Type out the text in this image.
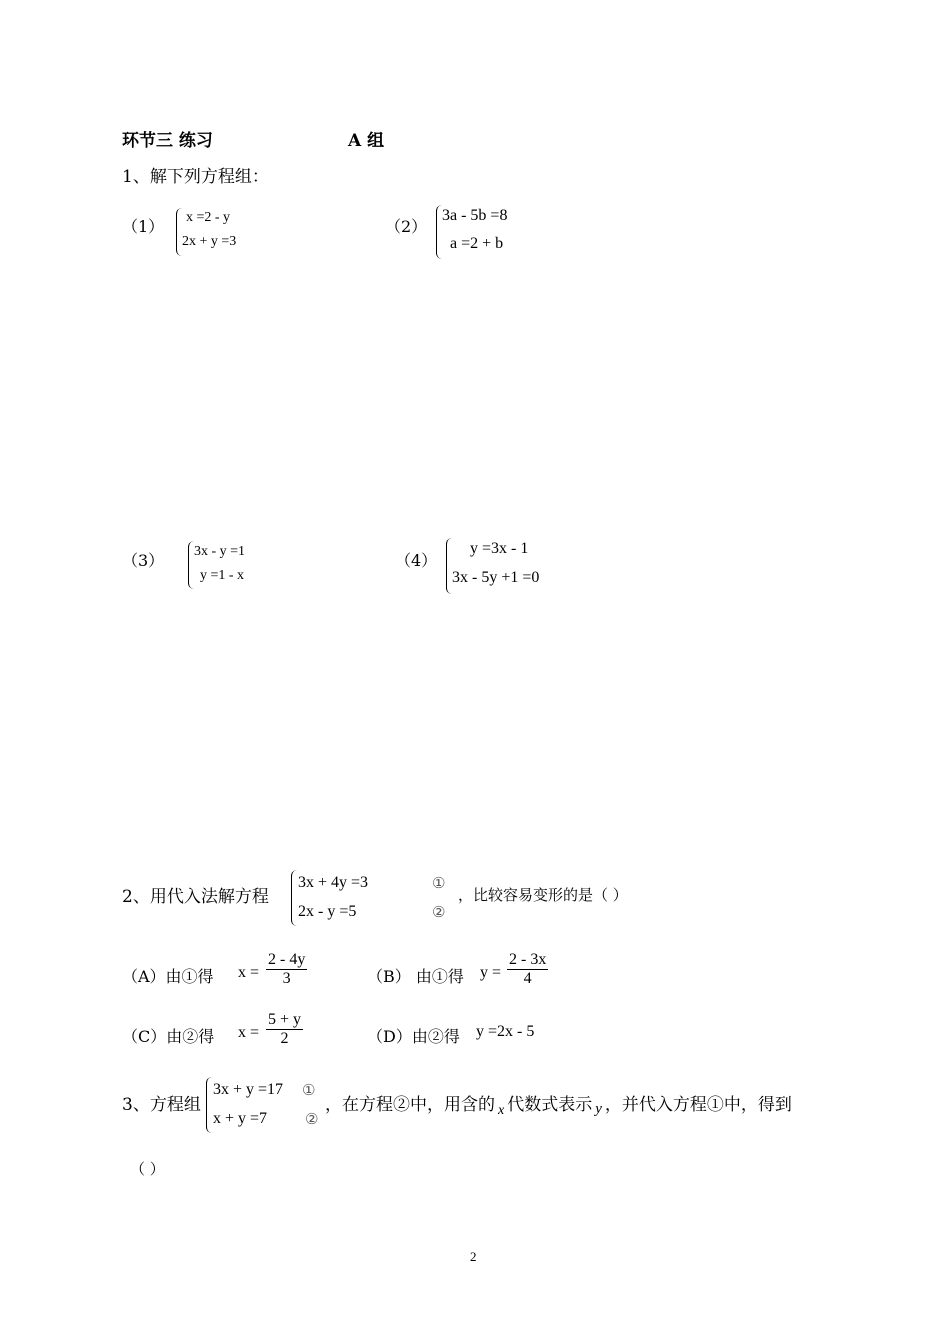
环节三 练习	A 组
1、解下列方程组：
（1） x =2 - y
2x + y =3
（2）
3a - 5b =8
a =2 + b
（3） 3x - y =1
y =1 - x
（4）
y =3x - 1
3x - 5y +1 =0
2、用代入法解方程
3x + 4y =3
2x - y =5
①
②
，比较容易变形的是（ ）
（A）由①得 $x = \frac{2 - 4y}{3}$	（B） 由①得 $y = \frac{2 - 3x}{4}$
（C）由②得 $x = \frac{5 + y}{2}$	（D）由②得 y =2x - 5
3、方程组
3x + y =17
x + y =7
①
②
，在方程②中，用含的 $_x$ 代数式表示 y ，并代入方程①中，得到
（ ）
2
